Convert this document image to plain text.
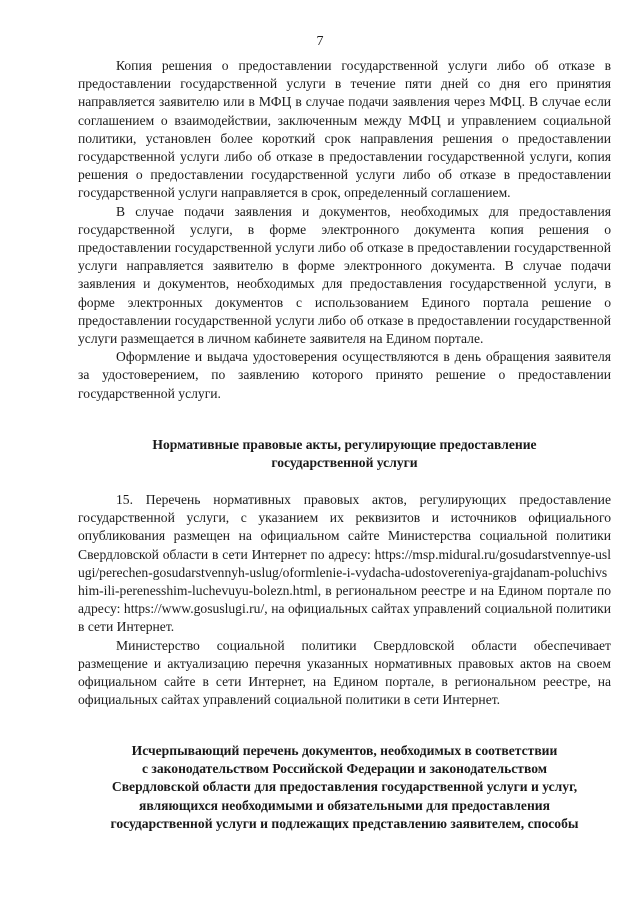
7

Копия решения о предоставлении государственной услуги либо об отказе в предоставлении государственной услуги в течение пяти дней со дня его принятия направляется заявителю или в МФЦ в случае подачи заявления через МФЦ. В случае если соглашением о взаимодействии, заключенным между МФЦ и управлением социальной политики, установлен более короткий срок направления решения о предоставлении государственной услуги либо об отказе в предоставлении государственной услуги, копия решения о предоставлении государственной услуги либо об отказе в предоставлении государственной услуги направляется в срок, определенный соглашением.

В случае подачи заявления и документов, необходимых для предоставления государственной услуги, в форме электронного документа копия решения о предоставлении государственной услуги либо об отказе в предоставлении государственной услуги направляется заявителю в форме электронного документа. В случае подачи заявления и документов, необходимых для предоставления государственной услуги, в форме электронных документов с использованием Единого портала решение о предоставлении государственной услуги либо об отказе в предоставлении государственной услуги размещается в личном кабинете заявителя на Едином портале.

Оформление и выдача удостоверения осуществляются в день обращения заявителя за удостоверением, по заявлению которого принято решение о предоставлении государственной услуги.

Нормативные правовые акты, регулирующие предоставление
государственной услуги

15. Перечень нормативных правовых актов, регулирующих предоставление государственной услуги, с указанием их реквизитов и источников официального опубликования размещен на официальном сайте Министерства социальной политики Свердловской области в сети Интернет по адресу: https://msp.midural.ru/gosudarstvennye-uslugi/perechen-gosudarstvennyh-uslug/oformlenie-i-vydacha-udostovereniya-grajdanam-poluchivshim-ili-perenesshim-luchevuyu-bolezn.html, в региональном реестре и на Едином портале по адресу: https://www.gosuslugi.ru/, на официальных сайтах управлений социальной политики в сети Интернет.

Министерство социальной политики Свердловской области обеспечивает размещение и актуализацию перечня указанных нормативных правовых актов на своем официальном сайте в сети Интернет, на Едином портале, в региональном реестре, на официальных сайтах управлений социальной политики в сети Интернет.

Исчерпывающий перечень документов, необходимых в соответствии
с законодательством Российской Федерации и законодательством
Свердловской области для предоставления государственной услуги и услуг,
являющихся необходимыми и обязательными для предоставления
государственной услуги и подлежащих представлению заявителем, способы
